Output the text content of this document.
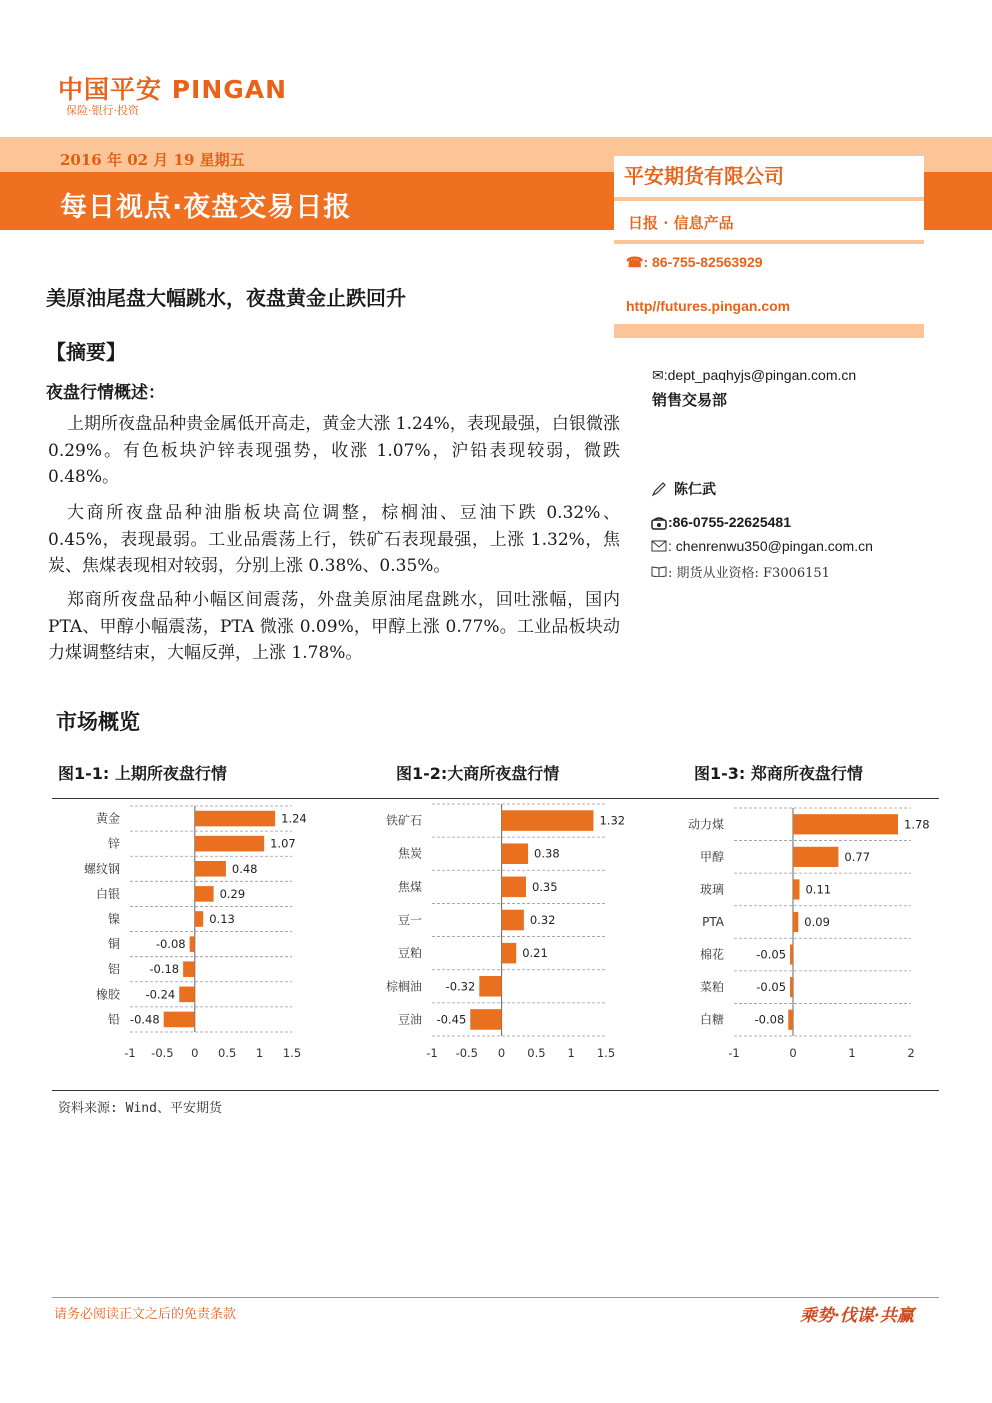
中国平安 PINGAN
保险·银行·投资
2016 年 02 月 19 星期五
每日视点·夜盘交易日报
平安期货有限公司
日报 · 信息产品
☎: 86-755-82563929
http//futures.pingan.com
✉:dept_paqhyjs@pingan.com.cn
销售交易部
陈仁武
:86-0755-22625481
: chenrenwu350@pingan.com.cn
: 期货从业资格: F3006151
美原油尾盘大幅跳水，夜盘黄金止跌回升
【摘要】
夜盘行情概述：
上期所夜盘品种贵金属低开高走，黄金大涨 1.24%，表现最强，白银微涨 0.29%。有色板块沪锌表现强势，收涨 1.07%，沪铅表现较弱，微跌 0.48%。
大商所夜盘品种油脂板块高位调整，棕榈油、豆油下跌 0.32%、0.45%，表现最弱。工业品震荡上行，铁矿石表现最强，上涨 1.32%，焦炭、焦煤表现相对较弱，分别上涨 0.38%、0.35%。
郑商所夜盘品种小幅区间震荡，外盘美原油尾盘跳水，回吐涨幅，国内 PTA、甲醇小幅震荡，PTA 微涨 0.09%，甲醇上涨 0.77%。工业品板块动力煤调整结束，大幅反弹，上涨 1.78%。
市场概览
图1-1: 上期所夜盘行情	图1-2:大商所夜盘行情	图1-3: 郑商所夜盘行情
黄金	1.24
锌	1.07
螺纹钢	0.48
白银	0.29
镍	0.13
铜	-0.08
铝	-0.18
橡胶 -0.24
铅 -0.48
-1 -0.5 0 0.5 1 1.5
铁矿石	1.32
焦炭	0.38
焦煤	0.35
豆一	0.32
豆粕	0.21
棕榈油 -0.32
豆油 -0.45
-1 -0.5 0 0.5 1 1.5
动力煤	1.78
甲醇	0.77
玻璃	0.11
PTA	0.09
棉花	-0.05
菜粕	-0.05
白糖	-0.08
-1	0	1	2
资料来源: Wind、平安期货
请务必阅读正文之后的免责条款	乘势·伐谋·共赢
